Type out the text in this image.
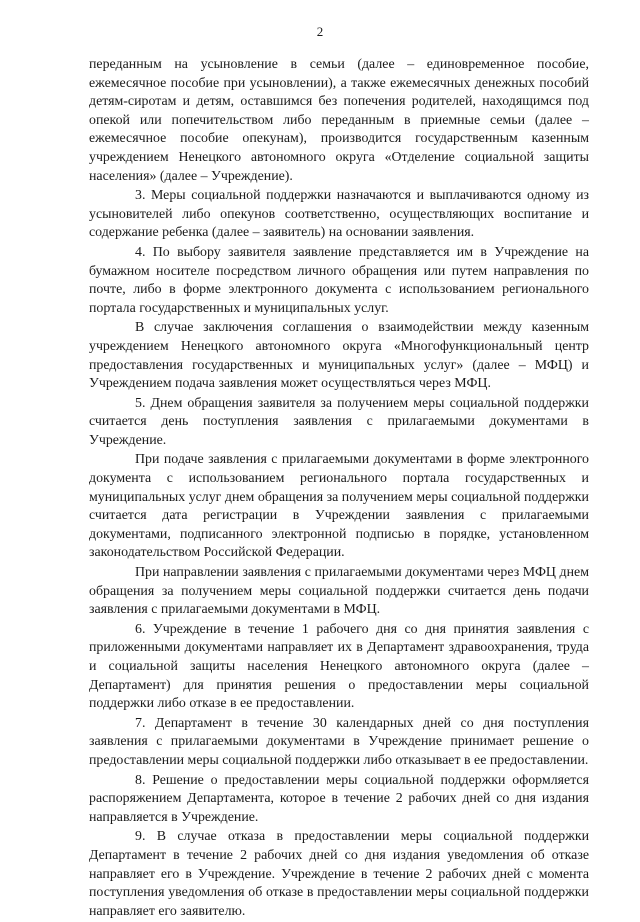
2

переданным на усыновление в семьи (далее – единовременное пособие, ежемесячное пособие при усыновлении), а также ежемесячных денежных пособий детям-сиротам и детям, оставшимся без попечения родителей, находящимся под опекой или попечительством либо переданным в приемные семьи (далее – ежемесячное пособие опекунам), производится государственным казенным учреждением Ненецкого автономного округа «Отделение социальной защиты населения» (далее – Учреждение).

3. Меры социальной поддержки назначаются и выплачиваются одному из усыновителей либо опекунов соответственно, осуществляющих воспитание и содержание ребенка (далее – заявитель) на основании заявления.

4. По выбору заявителя заявление представляется им в Учреждение на бумажном носителе посредством личного обращения или путем направления по почте, либо в форме электронного документа с использованием регионального портала государственных и муниципальных услуг.

В случае заключения соглашения о взаимодействии между казенным учреждением Ненецкого автономного округа «Многофункциональный центр предоставления государственных и муниципальных услуг» (далее – МФЦ) и Учреждением подача заявления может осуществляться через МФЦ.

5. Днем обращения заявителя за получением меры социальной поддержки считается день поступления заявления с прилагаемыми документами в Учреждение.

При подаче заявления с прилагаемыми документами в форме электронного документа с использованием регионального портала государственных и муниципальных услуг днем обращения за получением меры социальной поддержки считается дата регистрации в Учреждении заявления с прилагаемыми документами, подписанного электронной подписью в порядке, установленном законодательством Российской Федерации.

При направлении заявления с прилагаемыми документами через МФЦ днем обращения за получением меры социальной поддержки считается день подачи заявления с прилагаемыми документами в МФЦ.

6. Учреждение в течение 1 рабочего дня со дня принятия заявления с приложенными документами направляет их в Департамент здравоохранения, труда и социальной защиты населения Ненецкого автономного округа (далее – Департамент) для принятия решения о предоставлении меры социальной поддержки либо отказе в ее предоставлении.

7. Департамент в течение 30 календарных дней со дня поступления заявления с прилагаемыми документами в Учреждение принимает решение о предоставлении меры социальной поддержки либо отказывает в ее предоставлении.

8. Решение о предоставлении меры социальной поддержки оформляется распоряжением Департамента, которое в течение 2 рабочих дней со дня издания направляется в Учреждение.

9. В случае отказа в предоставлении меры социальной поддержки Департамент в течение 2 рабочих дней со дня издания уведомления об отказе направляет его в Учреждение. Учреждение в течение 2 рабочих дней с момента поступления уведомления об отказе в предоставлении меры социальной поддержки направляет его заявителю.
